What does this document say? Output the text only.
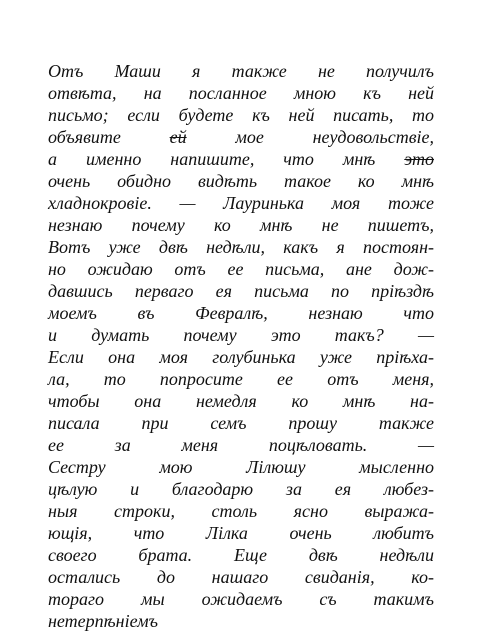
Отъ Маши я также не получилъ
отвѣта, на посланное мною къ ней
письмо; если будете къ ней писать, то
объявите ей мое неудовольствіе,
а именно напишите, что мнѣ это
очень обидно видѣть такое ко мнѣ
хладнокровіе. — Лауринька моя тоже
незнаю почему ко мнѣ не пишетъ,
Вотъ уже двѣ недѣли, какъ я постоян-
но ожидаю отъ ее письма, ане дож-
давшись перваго ея письма по пріѣздѣ
моемъ въ Февралѣ, незнаю что
и думать почему это такъ? —
Если она моя голубинька уже пріѣха-
ла, то попросите ее отъ меня,
чтобы она немедля ко мнѣ на-
писала при семъ прошу также
ее за меня поцѣловать. —
Сестру мою Лілюшу мысленно
цѣлую и благодарю за ея любез-
ныя строки, столь ясно выража-
ющія, что Лілка очень любитъ
своего брата. Еще двѣ недѣли
остались до нашаго свиданія, ко-
тораго мы ожидаемъ съ такимъ
нетерпѣніемъ
